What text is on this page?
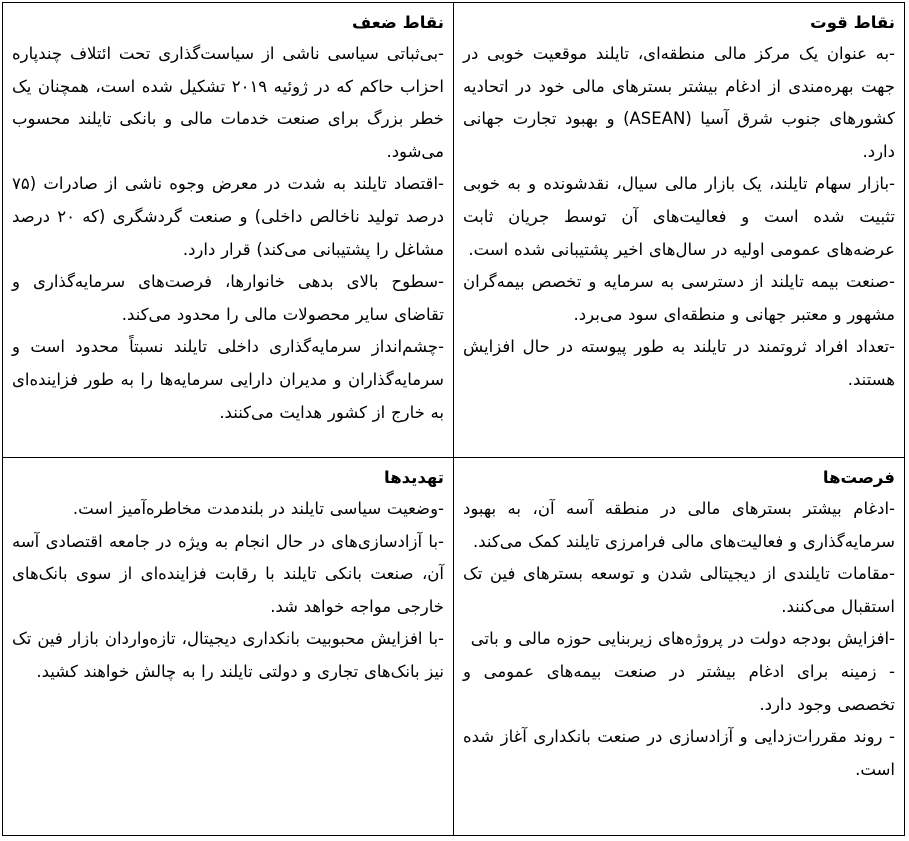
نقاط قوت
-به عنوان یک مرکز مالی منطقه‌ای، تایلند موقعیت خوبی در جهت بهره‌مندی از ادغام بیشتر بسترهای مالی خود در اتحادیه کشورهای جنوب شرق آسیا (ASEAN) و بهبود تجارت جهانی دارد.
-بازار سهام تایلند، یک بازار مالی سیال، نقدشونده و به خوبی تثبیت شده است و فعالیت‌های آن توسط جریان ثابت عرضه‌های عمومی اولیه در سال‌های اخیر پشتیبانی شده است.
-صنعت بیمه تایلند از دسترسی به سرمایه و تخصص بیمه‌گران مشهور و معتبر جهانی و منطقه‌ای سود می‌برد.
-تعداد افراد ثروتمند در تایلند به طور پیوسته در حال افزایش هستند.

نقاط ضعف
-بی‌ثباتی سیاسی ناشی از سیاست‌گذاری تحت ائتلاف چندپاره احزاب حاکم که در ژوئیه ۲۰۱۹ تشکیل شده است، همچنان یک خطر بزرگ برای صنعت خدمات مالی و بانکی تایلند محسوب می‌شود.
-اقتصاد تایلند به شدت در معرض وجوه ناشی از صادرات (۷۵ درصد تولید ناخالص داخلی) و صنعت گردشگری (که ۲۰ درصد مشاغل را پشتیبانی می‌کند) قرار دارد.
-سطوح بالای بدهی خانوارها، فرصت‌های سرمایه‌گذاری و تقاضای سایر محصولات مالی را محدود می‌کند.
-چشم‌انداز سرمایه‌گذاری داخلی تایلند نسبتاً محدود است و سرمایه‌گذاران و مدیران دارایی سرمایه‌ها را به طور فزاینده‌ای به خارج از کشور هدایت می‌کنند.

فرصت‌ها
-ادغام بیشتر بسترهای مالی در منطقه آسه آن، به بهبود سرمایه‌گذاری و فعالیت‌های مالی فرامرزی تایلند کمک می‌کند.
-مقامات تایلندی از دیجیتالی شدن و توسعه بسترهای فین تک استقبال می‌کنند.
-افزایش بودجه دولت در پروژه‌های زیربنایی حوزه مالی و باتی
- زمینه برای ادغام بیشتر در صنعت بیمه‌های عمومی و تخصصی وجود دارد.
- روند مقررات‌زدایی و آزادسازی در صنعت بانکداری آغاز شده است.

تهدیدها
-وضعیت سیاسی تایلند در بلندمدت مخاطره‌آمیز است.
-با آزادسازی‌های در حال انجام به ویژه در جامعه اقتصادی آسه آن، صنعت بانکی تایلند با رقابت فزاینده‌ای از سوی بانک‌های خارجی مواجه خواهد شد.
-با افزایش محبوبیت بانکداری دیجیتال، تازه‌واردان بازار فین تک نیز بانک‌های تجاری و دولتی تایلند را به چالش خواهند کشید.
